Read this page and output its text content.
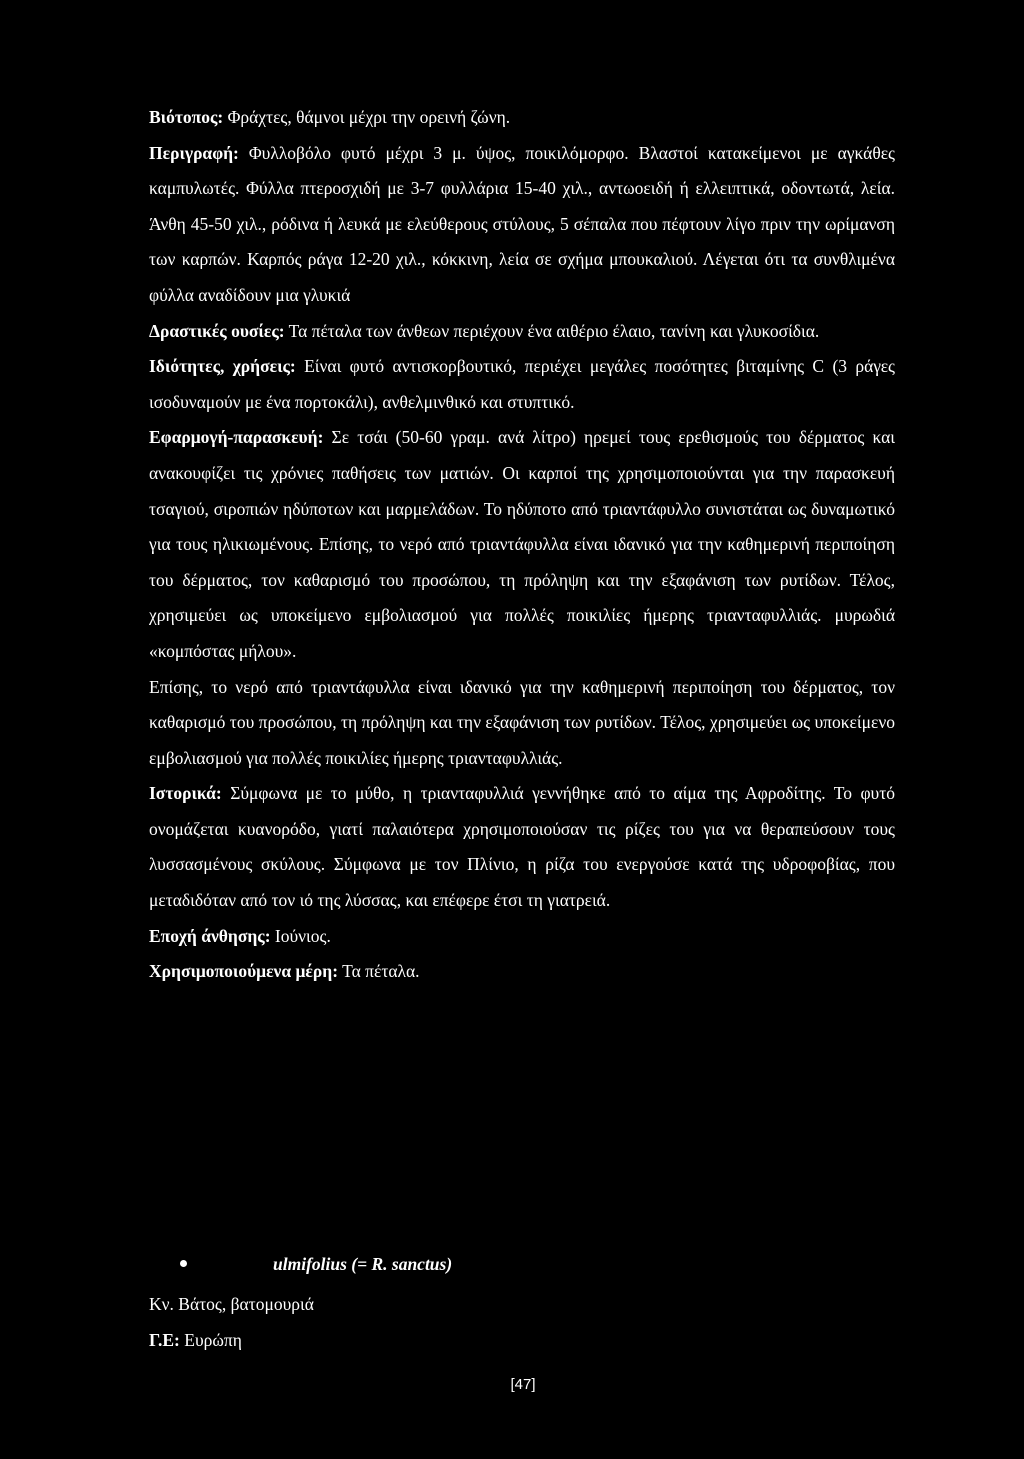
Βιότοπος: Φράχτες, θάμνοι μέχρι την ορεινή ζώνη.

Περιγραφή: Φυλλοβόλο φυτό μέχρι 3 μ. ύψος, ποικιλόμορφο. Βλαστοί κατακείμενοι με αγκάθες καμπυλωτές. Φύλλα πτεροσχιδή με 3-7 φυλλάρια 15-40 χιλ., αντωοειδή ή ελλειπτικά, οδοντωτά, λεία. Άνθη 45-50 χιλ., ρόδινα ή λευκά με ελεύθερους στύλους, 5 σέπαλα που πέφτουν λίγο πριν την ωρίμανση των καρπών. Καρπός ράγα 12-20 χιλ., κόκκινη, λεία σε σχήμα μπουκαλιού. Λέγεται ότι τα συνθλιμένα φύλλα αναδίδουν μια γλυκιά

Δραστικές ουσίες: Τα πέταλα των άνθεων περιέχουν ένα αιθέριο έλαιο, τανίνη και γλυκοσίδια.

Ιδιότητες, χρήσεις: Είναι φυτό αντισκορβουτικό, περιέχει μεγάλες ποσότητες βιταμίνης C (3 ράγες ισοδυναμούν με ένα πορτοκάλι), ανθελμινθικό και στυπτικό.

Εφαρμογή-παρασκευή: Σε τσάι (50-60 γραμ. ανά λίτρο) ηρεμεί τους ερεθισμούς του δέρματος και ανακουφίζει τις χρόνιες παθήσεις των ματιών. Οι καρποί της χρησιμοποιούνται για την παρασκευή τσαγιού, σιροπιών ηδύποτων και μαρμελάδων. Το ηδύποτο από τριαντάφυλλο συνιστάται ως δυναμωτικό για τους ηλικιωμένους. Επίσης, το νερό από τριαντάφυλλα είναι ιδανικό για την καθημερινή περιποίηση του δέρματος, τον καθαρισμό του προσώπου, τη πρόληψη και την εξαφάνιση των ρυτίδων. Τέλος, χρησιμεύει ως υποκείμενο εμβολιασμού για πολλές ποικιλίες ήμερης τριανταφυλλιάς. μυρωδιά «κομπόστας μήλου».

Επίσης, το νερό από τριαντάφυλλα είναι ιδανικό για την καθημερινή περιποίηση του δέρματος, τον καθαρισμό του προσώπου, τη πρόληψη και την εξαφάνιση των ρυτίδων. Τέλος, χρησιμεύει ως υποκείμενο εμβολιασμού για πολλές ποικιλίες ήμερης τριανταφυλλιάς.

Ιστορικά: Σύμφωνα με το μύθο, η τριανταφυλλιά γεννήθηκε από το αίμα της Αφροδίτης. Το φυτό ονομάζεται κυανορόδο, γιατί παλαιότερα χρησιμοποιούσαν τις ρίζες του για να θεραπεύσουν τους λυσσασμένους σκύλους. Σύμφωνα με τον Πλίνιο, η ρίζα του ενεργούσε κατά της υδροφοβίας, που μεταδιδόταν από τον ιό της λύσσας, και επέφερε έτσι τη γιατρειά.

Εποχή άνθησης: Ιούνιος.

Χρησιμοποιούμενα μέρη: Τα πέταλα.

ulmifolius (= R. sanctus)
Κν. Βάτος, βατομουριά
Γ.Ε: Ευρώπη
[47]
